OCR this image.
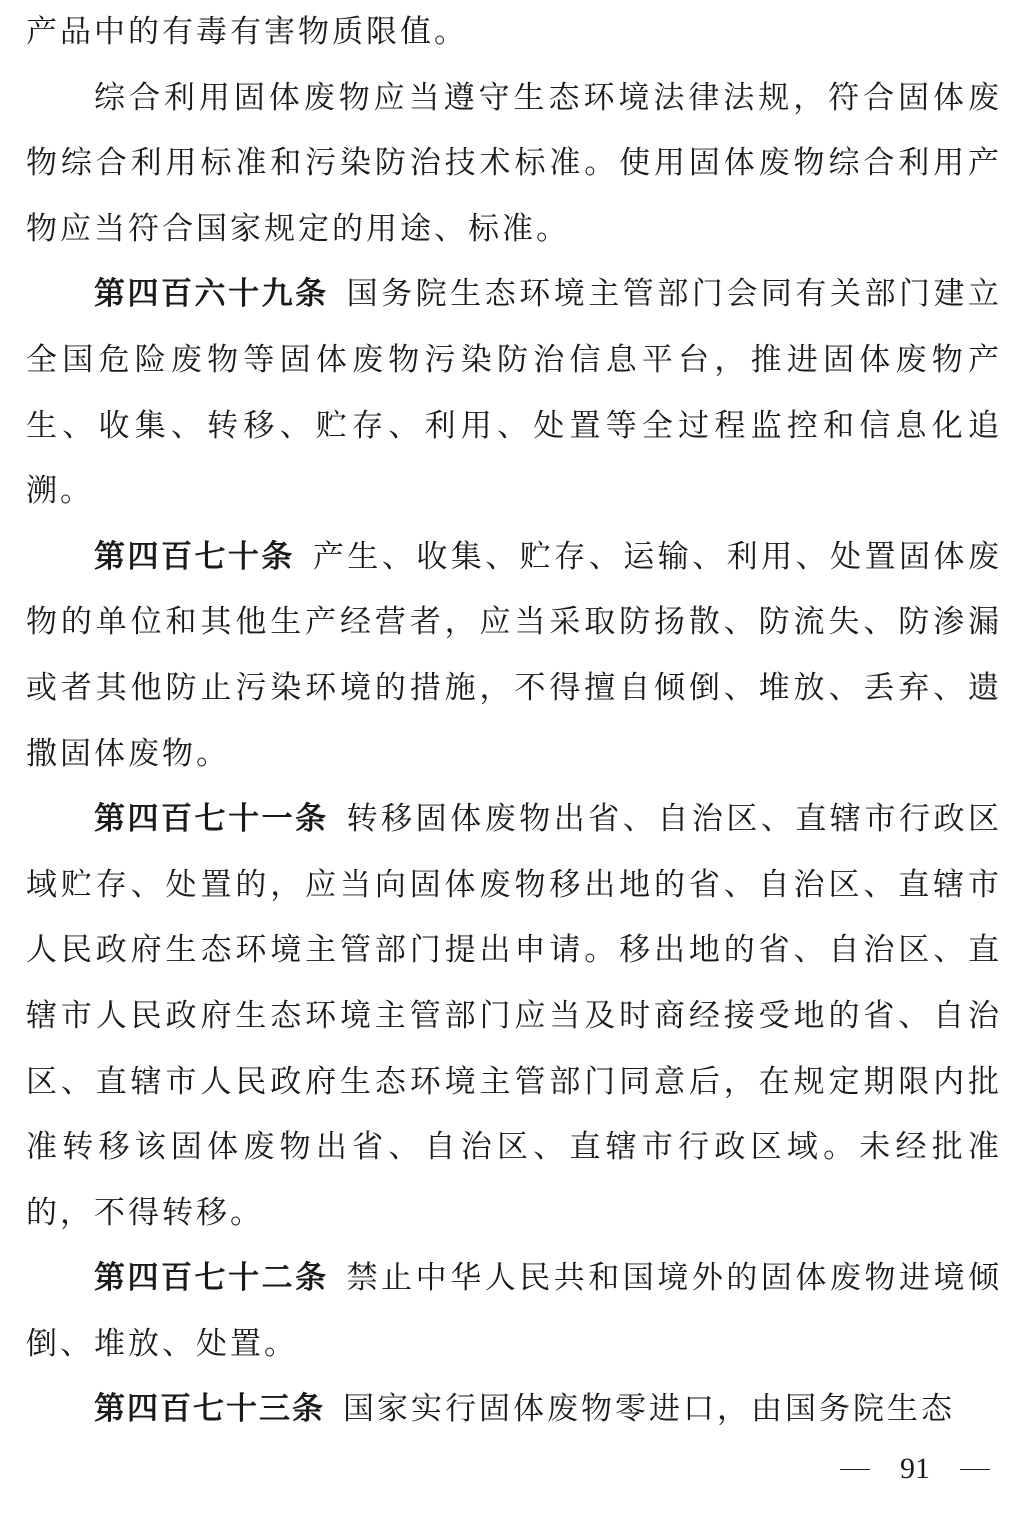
产品中的有毒有害物质限值。

综合利用固体废物应当遵守生态环境法律法规，符合固体废物综合利用标准和污染防治技术标准。使用固体废物综合利用产物应当符合国家规定的用途、标准。

第四百六十九条 国务院生态环境主管部门会同有关部门建立全国危险废物等固体废物污染防治信息平台，推进固体废物产生、收集、转移、贮存、利用、处置等全过程监控和信息化追溯。

第四百七十条 产生、收集、贮存、运输、利用、处置固体废物的单位和其他生产经营者，应当采取防扬散、防流失、防渗漏或者其他防止污染环境的措施，不得擅自倾倒、堆放、丢弃、遗撒固体废物。

第四百七十一条 转移固体废物出省、自治区、直辖市行政区域贮存、处置的，应当向固体废物移出地的省、自治区、直辖市人民政府生态环境主管部门提出申请。移出地的省、自治区、直辖市人民政府生态环境主管部门应当及时商经接受地的省、自治区、直辖市人民政府生态环境主管部门同意后，在规定期限内批准转移该固体废物出省、自治区、直辖市行政区域。未经批准的，不得转移。

第四百七十二条 禁止中华人民共和国境外的固体废物进境倾倒、堆放、处置。

第四百七十三条 国家实行固体废物零进口，由国务院生态

91
